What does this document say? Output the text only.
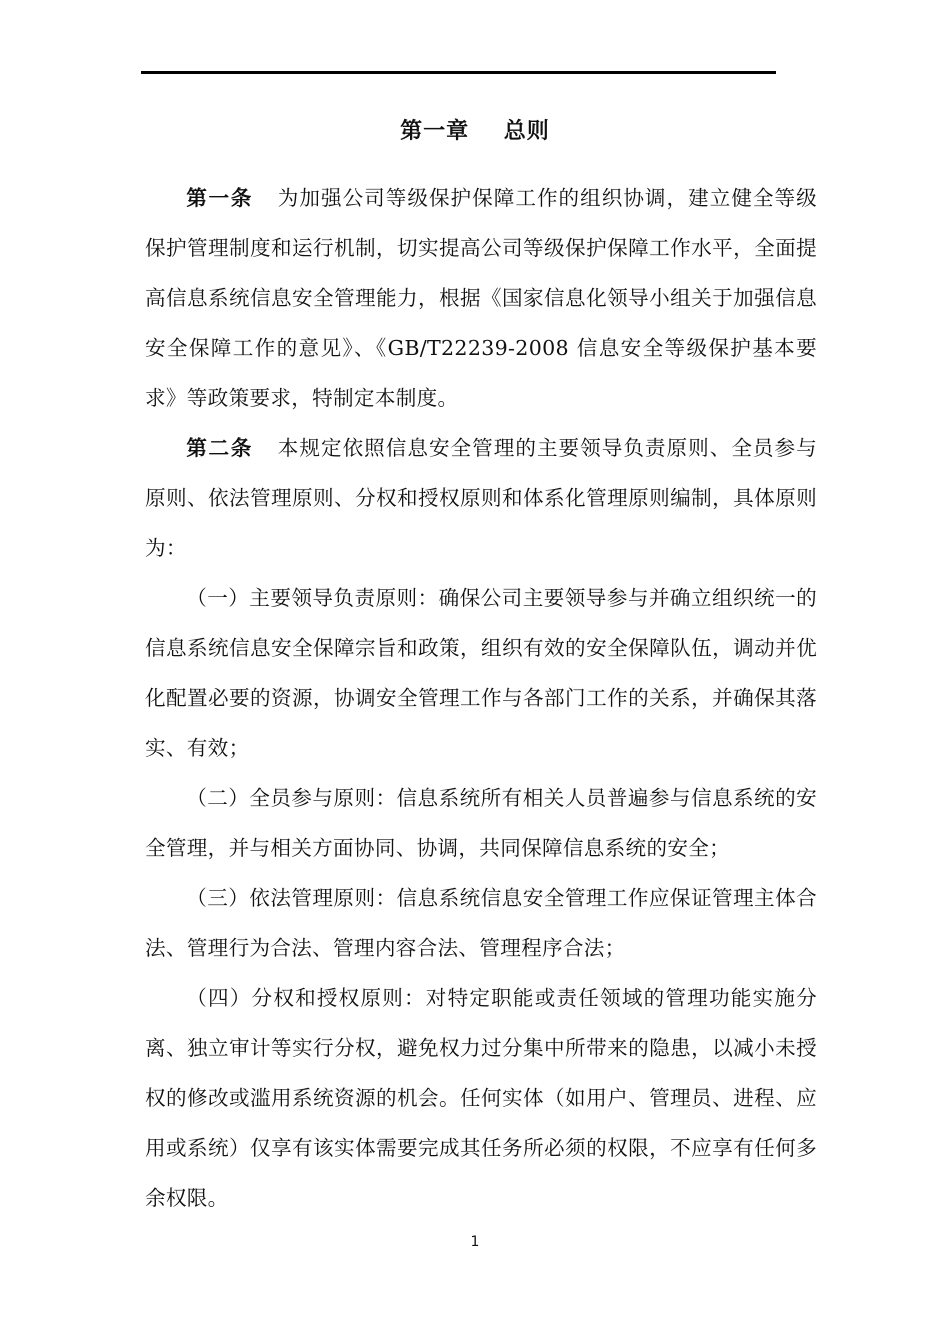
第一章    总则

第一条 为加强公司等级保护保障工作的组织协调，建立健全等级保护管理制度和运行机制，切实提高公司等级保护保障工作水平，全面提高信息系统信息安全管理能力，根据《国家信息化领导小组关于加强信息安全保障工作的意见》、《GB/T22239-2008 信息安全等级保护基本要求》等政策要求，特制定本制度。

第二条 本规定依照信息安全管理的主要领导负责原则、全员参与原则、依法管理原则、分权和授权原则和体系化管理原则编制，具体原则为：

（一）主要领导负责原则：确保公司主要领导参与并确立组织统一的信息系统信息安全保障宗旨和政策，组织有效的安全保障队伍，调动并优化配置必要的资源，协调安全管理工作与各部门工作的关系，并确保其落实、有效；

（二）全员参与原则：信息系统所有相关人员普遍参与信息系统的安全管理，并与相关方面协同、协调，共同保障信息系统的安全；

（三）依法管理原则：信息系统信息安全管理工作应保证管理主体合法、管理行为合法、管理内容合法、管理程序合法；

（四）分权和授权原则：对特定职能或责任领域的管理功能实施分离、独立审计等实行分权，避免权力过分集中所带来的隐患，以减小未授权的修改或滥用系统资源的机会。任何实体（如用户、管理员、进程、应用或系统）仅享有该实体需要完成其任务所必须的权限，不应享有任何多余权限。

1
